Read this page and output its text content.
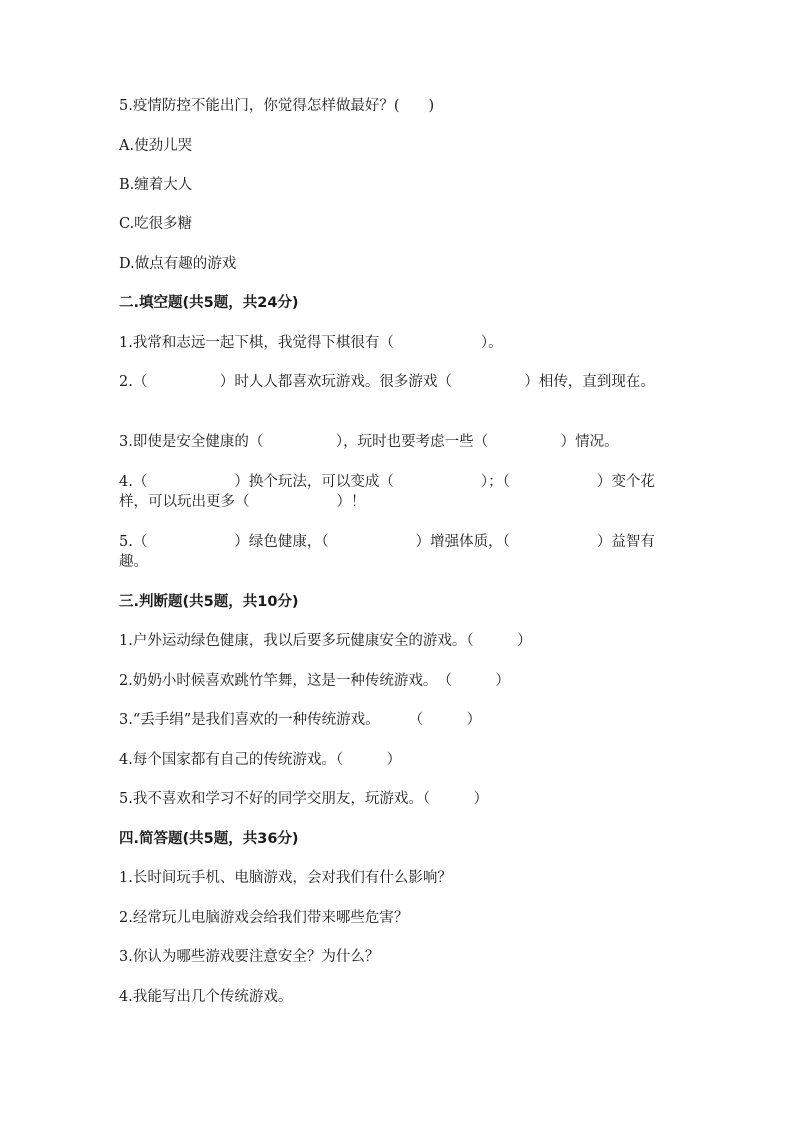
5.疫情防控不能出门，你觉得怎样做最好？(　　)
A.使劲儿哭
B.缠着大人
C.吃很多糖
D.做点有趣的游戏
二.填空题(共5题，共24分)
1.我常和志远一起下棋，我觉得下棋很有（　　　　　　）。
2.（　　　　　）时人人都喜欢玩游戏。很多游戏（　　　　　）相传，直到现在。
3.即使是安全健康的（　　　　　），玩时也要考虑一些（　　　　　）情况。
4.（　　　　　　）换个玩法，可以变成（　　　　　　）；（　　　　　　）变个花样，可以玩出更多（　　　　　　）！
5.（　　　　　　）绿色健康，（　　　　　　）增强体质，（　　　　　　）益智有趣。
三.判断题(共5题，共10分)
1.户外运动绿色健康，我以后要多玩健康安全的游戏。（　　　）
2.奶奶小时候喜欢跳竹竿舞，这是一种传统游戏。　（　　　）
3.“丢手绢”是我们喜欢的一种传统游戏。　　　（　　　）
4.每个国家都有自己的传统游戏。（　　　）
5.我不喜欢和学习不好的同学交朋友，玩游戏。（　　　）
四.简答题(共5题，共36分)
1.长时间玩手机、电脑游戏，会对我们有什么影响？
2.经常玩儿电脑游戏会给我们带来哪些危害？
3.你认为哪些游戏要注意安全？为什么？
4.我能写出几个传统游戏。
